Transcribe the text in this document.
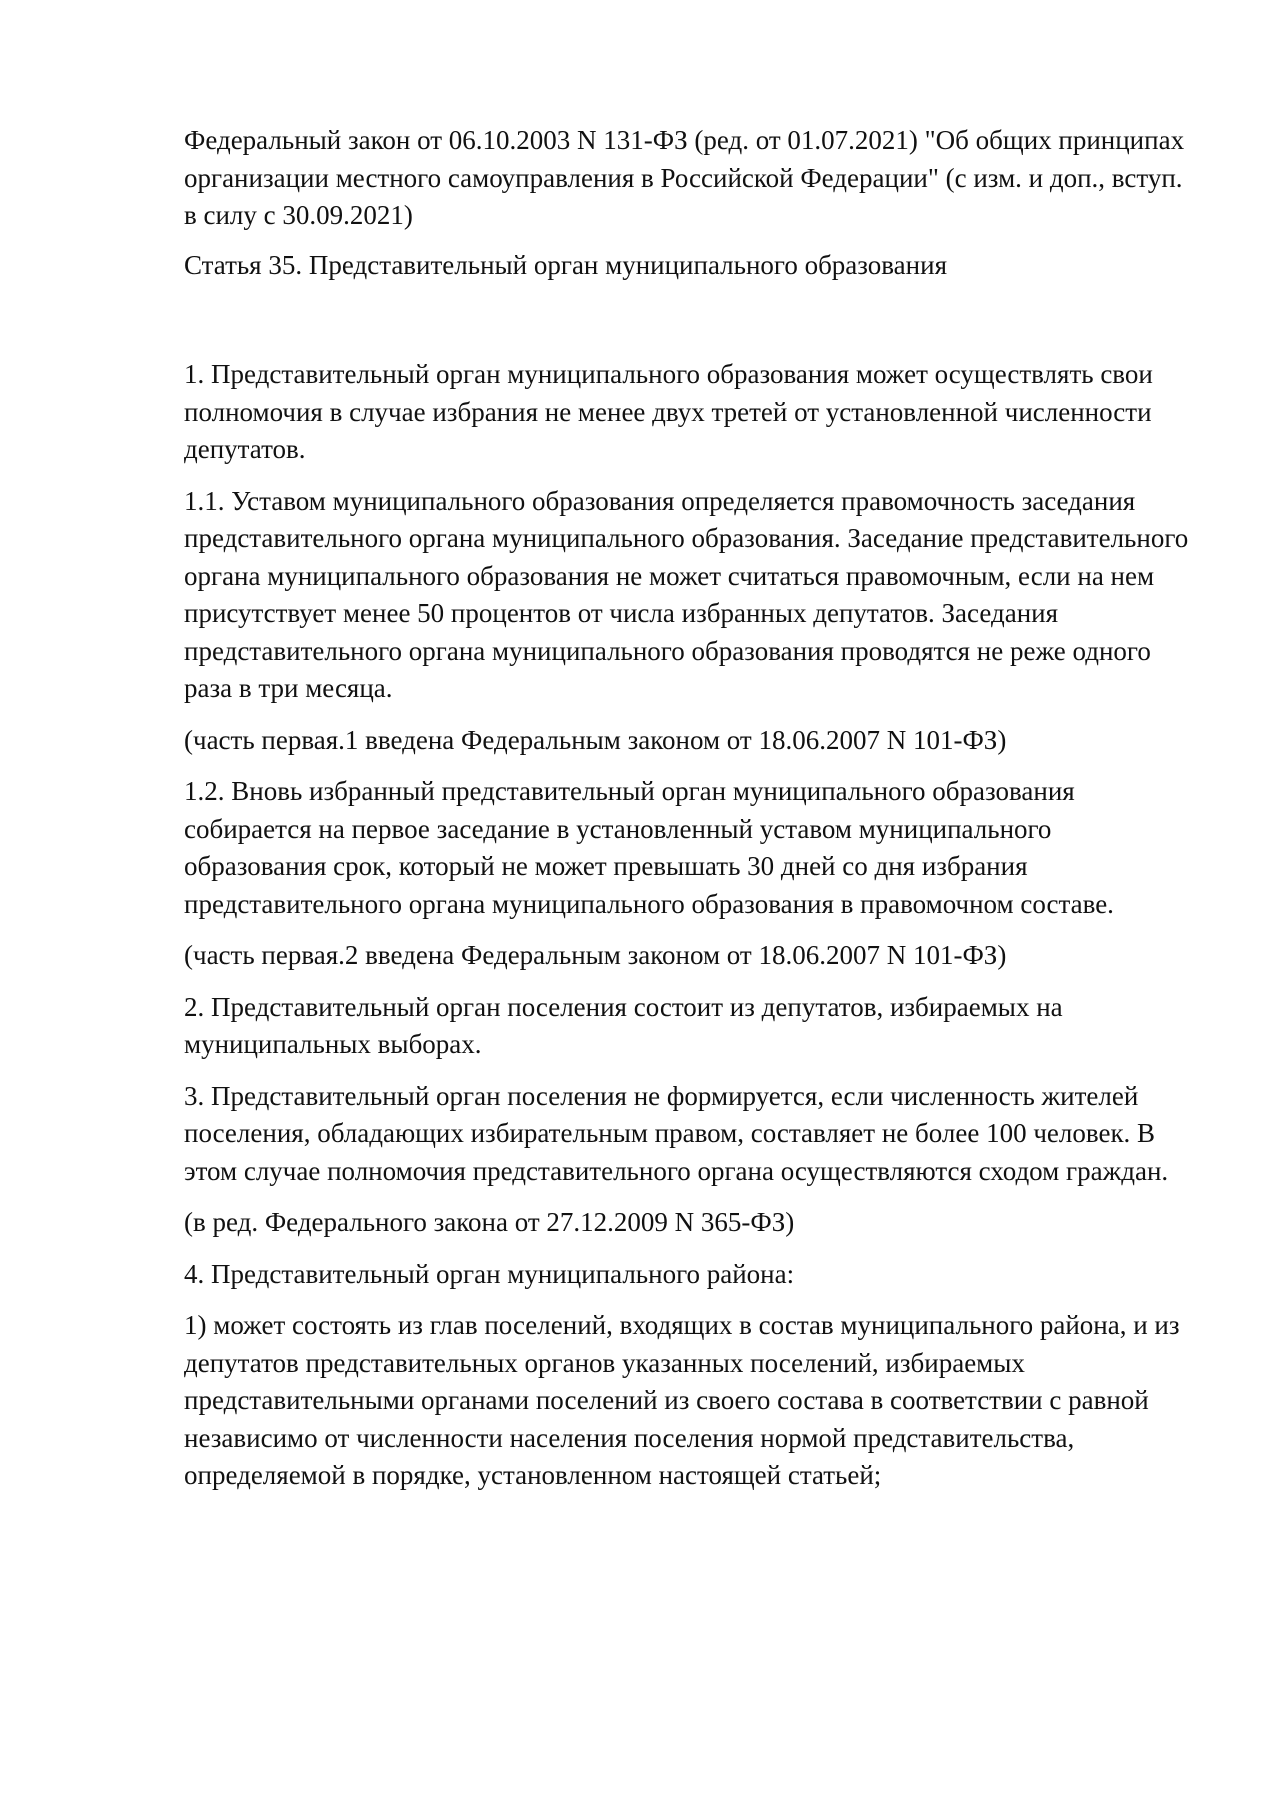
Федеральный закон от 06.10.2003 N 131-ФЗ (ред. от 01.07.2021) "Об общих принципах организации местного самоуправления в Российской Федерации" (с изм. и доп., вступ. в силу с 30.09.2021)

Статья 35. Представительный орган муниципального образования

1. Представительный орган муниципального образования может осуществлять свои полномочия в случае избрания не менее двух третей от установленной численности депутатов.

1.1. Уставом муниципального образования определяется правомочность заседания представительного органа муниципального образования. Заседание представительного органа муниципального образования не может считаться правомочным, если на нем присутствует менее 50 процентов от числа избранных депутатов. Заседания представительного органа муниципального образования проводятся не реже одного раза в три месяца.

(часть первая.1 введена Федеральным законом от 18.06.2007 N 101-ФЗ)

1.2. Вновь избранный представительный орган муниципального образования собирается на первое заседание в установленный уставом муниципального образования срок, который не может превышать 30 дней со дня избрания представительного органа муниципального образования в правомочном составе.

(часть первая.2 введена Федеральным законом от 18.06.2007 N 101-ФЗ)

2. Представительный орган поселения состоит из депутатов, избираемых на муниципальных выборах.

3. Представительный орган поселения не формируется, если численность жителей поселения, обладающих избирательным правом, составляет не более 100 человек. В этом случае полномочия представительного органа осуществляются сходом граждан.

(в ред. Федерального закона от 27.12.2009 N 365-ФЗ)

4. Представительный орган муниципального района:

1) может состоять из глав поселений, входящих в состав муниципального района, и из депутатов представительных органов указанных поселений, избираемых представительными органами поселений из своего состава в соответствии с равной независимо от численности населения поселения нормой представительства, определяемой в порядке, установленном настоящей статьей;
